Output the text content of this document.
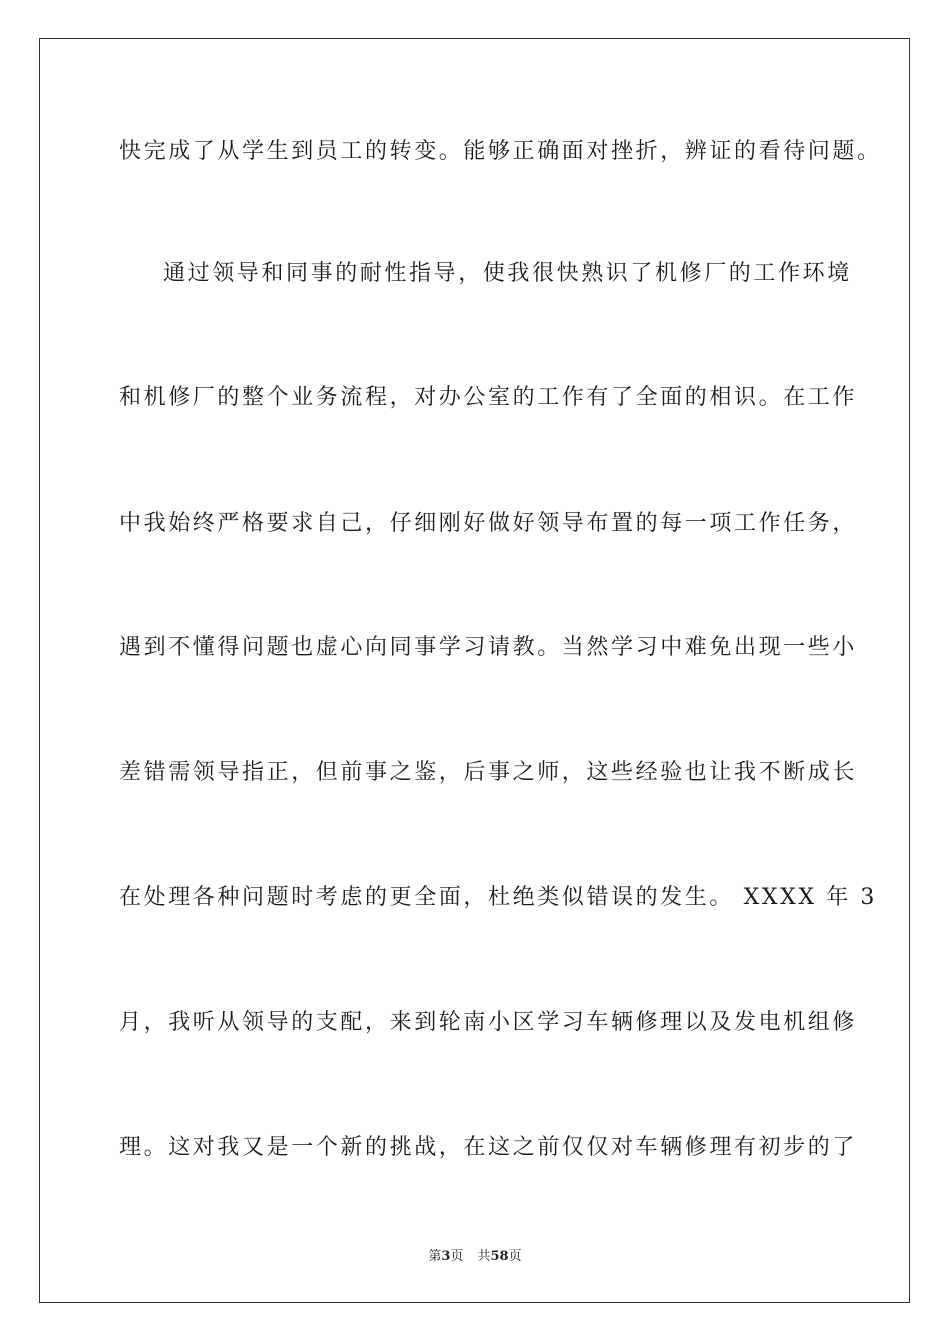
快完成了从学生到员工的转变。能够正确面对挫折，辨证的看待问题。

通过领导和同事的耐性指导，使我很快熟识了机修厂的工作环境

和机修厂的整个业务流程，对办公室的工作有了全面的相识。在工作

中我始终严格要求自己，仔细刚好做好领导布置的每一项工作任务，

遇到不懂得问题也虚心向同事学习请教。当然学习中难免出现一些小

差错需领导指正，但前事之鉴，后事之师，这些经验也让我不断成长

在处理各种问题时考虑的更全面，杜绝类似错误的发生。 XXXX 年 3

月，我听从领导的支配，来到轮南小区学习车辆修理以及发电机组修

理。这对我又是一个新的挑战，在这之前仅仅对车辆修理有初步的了

第3页 共58页
